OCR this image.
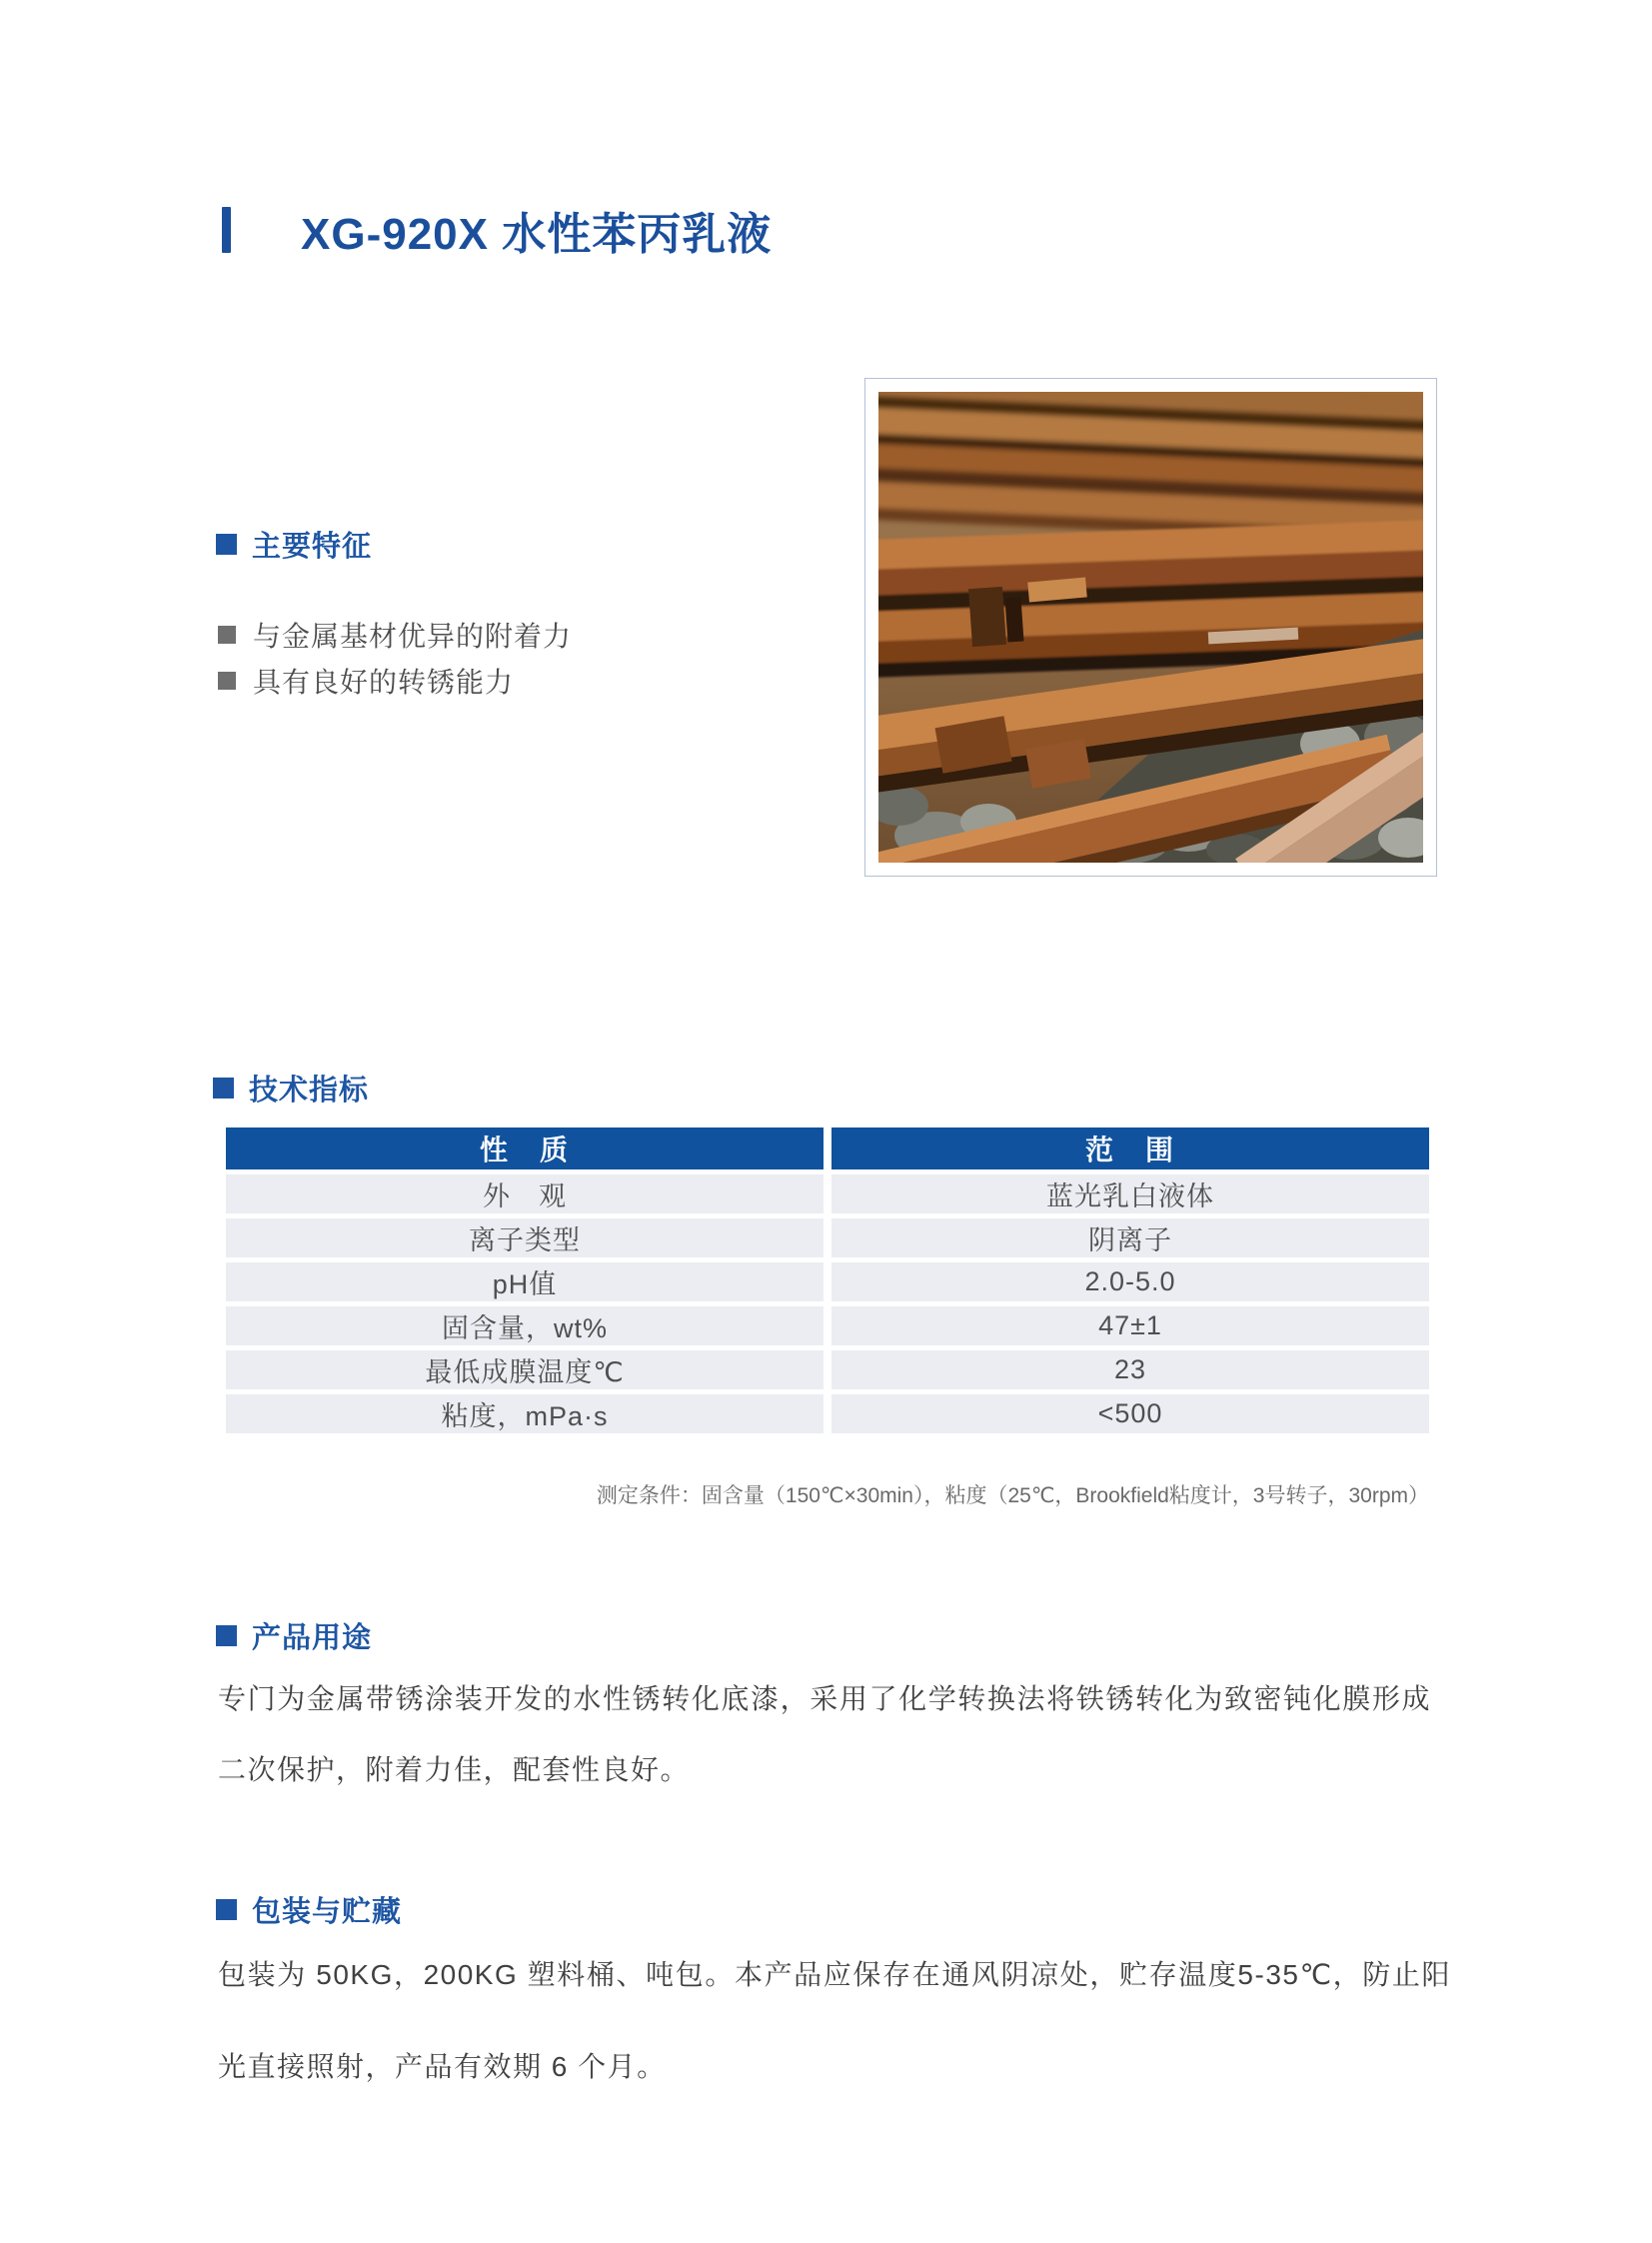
XG-920X 水性苯丙乳液
主要特征
与金属基材优异的附着力
具有良好的转锈能力
技术指标
性　质	范　围
外　观	蓝光乳白液体
离子类型	阴离子
pH值	2.0-5.0
固含量，wt%	47±1
最低成膜温度℃	23
粘度，mPa·s	<500
测定条件：固含量（150℃×30min），粘度（25℃，Brookfield粘度计，3号转子，30rpm）
产品用途
专门为金属带锈涂装开发的水性锈转化底漆，采用了化学转换法将铁锈转化为致密钝化膜形成二次保护，附着力佳，配套性良好。
包装与贮藏
包装为 50KG，200KG 塑料桶、吨包。本产品应保存在通风阴凉处，贮存温度5-35℃，防止阳光直接照射，产品有效期 6 个月。
